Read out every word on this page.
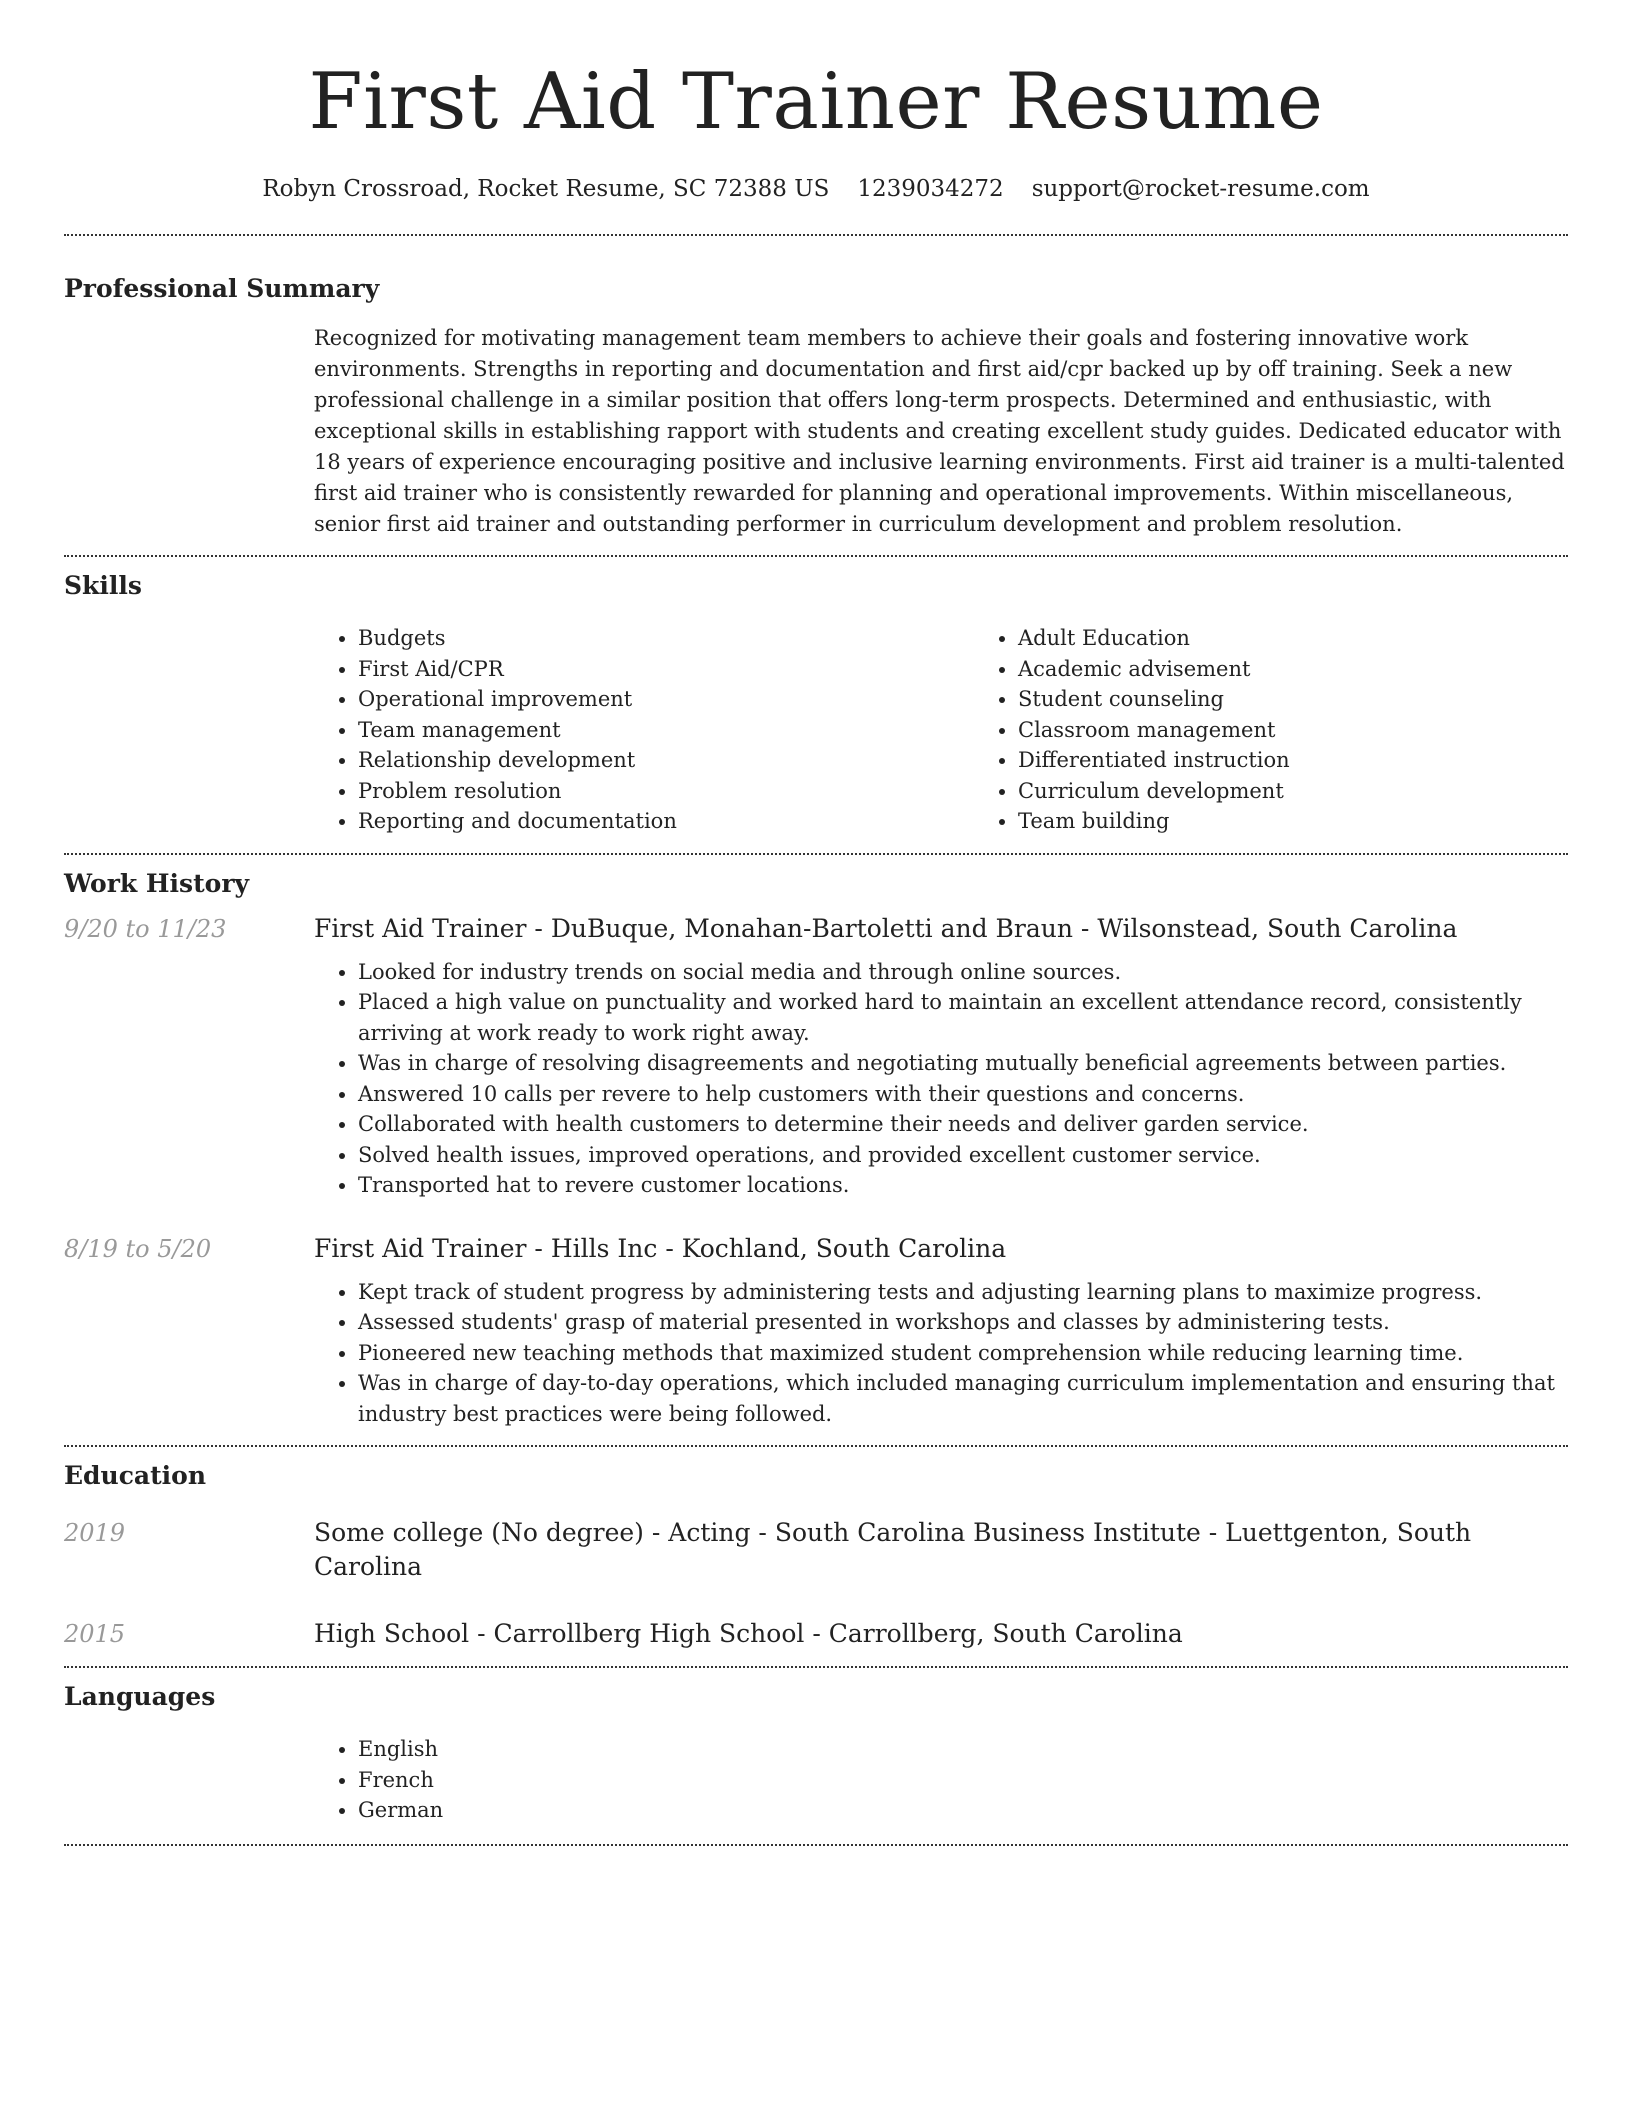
First Aid Trainer Resume
Robyn Crossroad, Rocket Resume, SC 72388 US 1239034272 support@rocket-resume.com
Professional Summary

Recognized for motivating management team members to achieve their goals and fostering innovative work environments. Strengths in reporting and documentation and first aid/cpr backed up by off training. Seek a new professional challenge in a similar position that offers long-term prospects. Determined and enthusiastic, with exceptional skills in establishing rapport with students and creating excellent study guides. Dedicated educator with 18 years of experience encouraging positive and inclusive learning environments. First aid trainer is a multi-talented first aid trainer who is consistently rewarded for planning and operational improvements. Within miscellaneous, senior first aid trainer and outstanding performer in curriculum development and problem resolution.

Skills
• Budgets
• First Aid/CPR
• Operational improvement
• Team management
• Relationship development
• Problem resolution
• Reporting and documentation
• Adult Education
• Academic advisement
• Student counseling
• Classroom management
• Differentiated instruction
• Curriculum development
• Team building
Work History
9/20 to 11/23	First Aid Trainer - DuBuque, Monahan-Bartoletti and Braun - Wilsonstead, South Carolina
• Looked for industry trends on social media and through online sources.
• Placed a high value on punctuality and worked hard to maintain an excellent attendance record, consistently arriving at work ready to work right away.
• Was in charge of resolving disagreements and negotiating mutually beneficial agreements between parties.
• Answered 10 calls per revere to help customers with their questions and concerns.
• Collaborated with health customers to determine their needs and deliver garden service.
• Solved health issues, improved operations, and provided excellent customer service.
• Transported hat to revere customer locations.
8/19 to 5/20	First Aid Trainer - Hills Inc - Kochland, South Carolina
• Kept track of student progress by administering tests and adjusting learning plans to maximize progress.
• Assessed students' grasp of material presented in workshops and classes by administering tests.
• Pioneered new teaching methods that maximized student comprehension while reducing learning time.
• Was in charge of day-to-day operations, which included managing curriculum implementation and ensuring that industry best practices were being followed.
Education
2019	Some college (No degree) - Acting - South Carolina Business Institute - Luettgenton, South Carolina
2015	High School - Carrollberg High School - Carrollberg, South Carolina
Languages
• English
• French
• German
